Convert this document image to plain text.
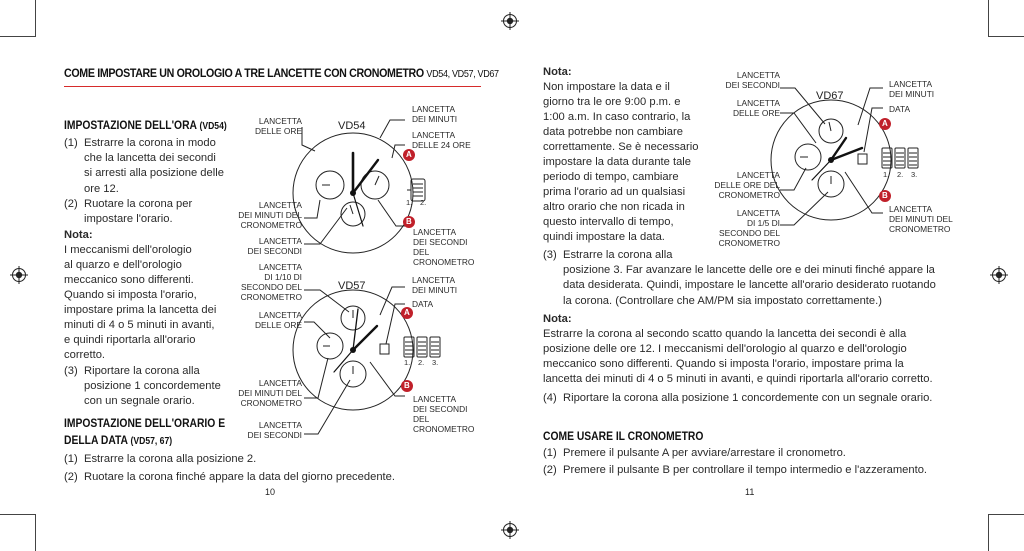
COME IMPOSTARE UN OROLOGIO A TRE LANCETTE CON CRONOMETRO VD54, VD57, VD67
IMPOSTAZIONE DELL'ORA (VD54)
(1) Estrarre la corona in modo
che la lancetta dei secondi
si arresti alla posizione delle
ore 12.
(2) Ruotare la corona per
impostare l'orario.
Nota:
I meccanismi dell'orologio
al quarzo e dell'orologio
meccanico sono differenti.
Quando si imposta l'orario,
impostare prima la lancetta dei
minuti di 4 o 5 minuti in avanti,
e quindi riportarla all'orario
corretto.
(3) Riportare la corona alla
posizione 1 concordemente
con un segnale orario.
IMPOSTAZIONE DELL'ORARIO E
DELLA DATA (VD57, 67)
(1) Estrarre la corona alla posizione 2.
(2) Ruotare la corona finché appare la data del giorno precedente.
10
VD54
A
B
1. 2.
LANCETTA
DELLE ORE
LANCETTA
DEI MINUTI
LANCETTA
DELLE 24 ORE
LANCETTA
DEI MINUTI DEL
CRONOMETRO
LANCETTA
DEI SECONDI
LANCETTA
DEI SECONDI
DEL
CRONOMETRO
VD57
A
B
1. 2. 3.
LANCETTA
DI 1/10 DI
SECONDO DEL
CRONOMETRO
LANCETTA
DEI MINUTI
DATA
LANCETTA
DELLE ORE
LANCETTA
DEI MINUTI DEL
CRONOMETRO
LANCETTA
DEI SECONDI
LANCETTA
DEI SECONDI
DEL
CRONOMETRO
Nota:
Non impostare la data e il
giorno tra le ore 9:00 p.m. e
1:00 a.m. In caso contrario, la
data potrebbe non cambiare
correttamente. Se è necessario
impostare la data durante tale
periodo di tempo, cambiare
prima l'orario ad un qualsiasi
altro orario che non ricada in
questo intervallo di tempo,
quindi impostare la data.
(3) Estrarre la corona alla
posizione 3. Far avanzare le lancette delle ore e dei minuti finché appare la
data desiderata. Quindi, impostare le lancette all'orario desiderato ruotando
la corona. (Controllare che AM/PM sia impostato correttamente.)
Nota:
Estrarre la corona al secondo scatto quando la lancetta dei secondi è alla
posizione delle ore 12. I meccanismi dell'orologio al quarzo e dell'orologio
meccanico sono differenti. Quando si imposta l'orario, impostare prima la
lancetta dei minuti di 4 o 5 minuti in avanti, e quindi riportarla all'orario corretto.
(4) Riportare la corona alla posizione 1 concordemente con un segnale orario.
COME USARE IL CRONOMETRO
(1) Premere il pulsante A per avviare/arrestare il cronometro.
(2) Premere il pulsante B per controllare il tempo intermedio e l'azzeramento.
11
VD67
A
B
1. 2. 3.
LANCETTA
DEI SECONDI	LANCETTA
DEI MINUTI
LANCETTA
DELLE ORE	DATA
LANCETTA
DELLE ORE DEL
CRONOMETRO
LANCETTA
DI 1/5 DI
SECONDO DEL
CRONOMETRO
LANCETTA
DEI MINUTI DEL
CRONOMETRO
